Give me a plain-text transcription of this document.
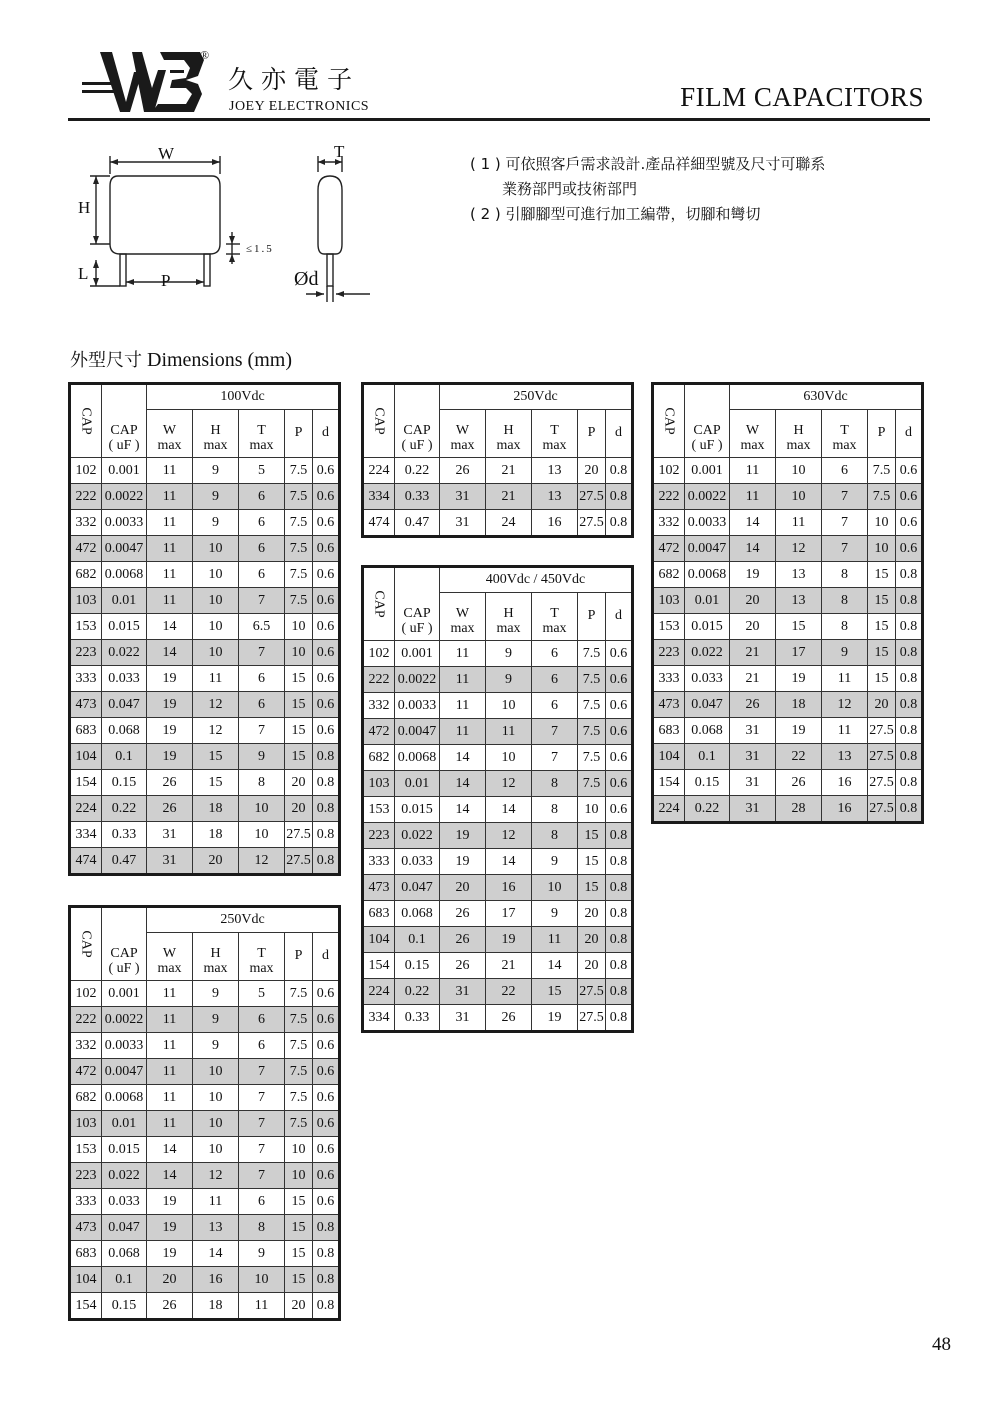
®
久亦電子
JOEY ELECTRONICS	FILM CAPACITORS
W
H
L	P
≤1.5
T
Ød
( 1 ) 可依照客戶需求設計.產品祥細型號及尺寸可聯系
業務部門或技術部門
( 2 ) 引腳腳型可進行加工編帶，切腳和彎切
外型尺寸 Dimensions (mm)
CAP		100Vdc				
	CAP	W	H	T	P	d
	( uF )	max	max	max		
102	0.001	11	9	5	7.5	0.6
222	0.0022	11	9	6	7.5	0.6
332	0.0033	11	9	6	7.5	0.6
472	0.0047	11	10	6	7.5	0.6
682	0.0068	11	10	6	7.5	0.6
103	0.01	11	10	7	7.5	0.6
153	0.015	14	10	6.5	10	0.6
223	0.022	14	10	7	10	0.6
333	0.033	19	11	6	15	0.6
473	0.047	19	12	6	15	0.6
683	0.068	19	12	7	15	0.6
104	0.1	19	15	9	15	0.8
154	0.15	26	15	8	20	0.8
224	0.22	26	18	10	20	0.8
334	0.33	31	18	10	27.5	0.8
474	0.47	31	20	12	27.5	0.8
CAP		250Vdc				
	CAP	W	H	T	P	d
	( uF )	max	max	max		
224	0.22	26	21	13	20	0.8
334	0.33	31	21	13	27.5	0.8
474	0.47	31	24	16	27.5	0.8
CAP		400Vdc / 450Vdc				
	CAP	W	H	T	P	d
	( uF )	max	max	max		
102	0.001	11	9	6	7.5	0.6
222	0.0022	11	9	6	7.5	0.6
332	0.0033	11	10	6	7.5	0.6
472	0.0047	11	11	7	7.5	0.6
682	0.0068	14	10	7	7.5	0.6
103	0.01	14	12	8	7.5	0.6
153	0.015	14	14	8	10	0.6
223	0.022	19	12	8	15	0.8
333	0.033	19	14	9	15	0.8
473	0.047	20	16	10	15	0.8
683	0.068	26	17	9	20	0.8
104	0.1	26	19	11	20	0.8
154	0.15	26	21	14	20	0.8
224	0.22	31	22	15	27.5	0.8
334	0.33	31	26	19	27.5	0.8
CAP		630Vdc				
	CAP	W	H	T	P	d
	( uF )	max	max	max		
102	0.001	11	10	6	7.5	0.6
222	0.0022	11	10	7	7.5	0.6
332	0.0033	14	11	7	10	0.6
472	0.0047	14	12	7	10	0.6
682	0.0068	19	13	8	15	0.8
103	0.01	20	13	8	15	0.8
153	0.015	20	15	8	15	0.8
223	0.022	21	17	9	15	0.8
333	0.033	21	19	11	15	0.8
473	0.047	26	18	12	20	0.8
683	0.068	31	19	11	27.5	0.8
104	0.1	31	22	13	27.5	0.8
154	0.15	31	26	16	27.5	0.8
224	0.22	31	28	16	27.5	0.8
CAP		250Vdc				
	CAP	W	H	T	P	d
	( uF )	max	max	max		
102	0.001	11	9	5	7.5	0.6
222	0.0022	11	9	6	7.5	0.6
332	0.0033	11	9	6	7.5	0.6
472	0.0047	11	10	7	7.5	0.6
682	0.0068	11	10	7	7.5	0.6
103	0.01	11	10	7	7.5	0.6
153	0.015	14	10	7	10	0.6
223	0.022	14	12	7	10	0.6
333	0.033	19	11	6	15	0.6
473	0.047	19	13	8	15	0.8
683	0.068	19	14	9	15	0.8
104	0.1	20	16	10	15	0.8
154	0.15	26	18	11	20	0.8
48
